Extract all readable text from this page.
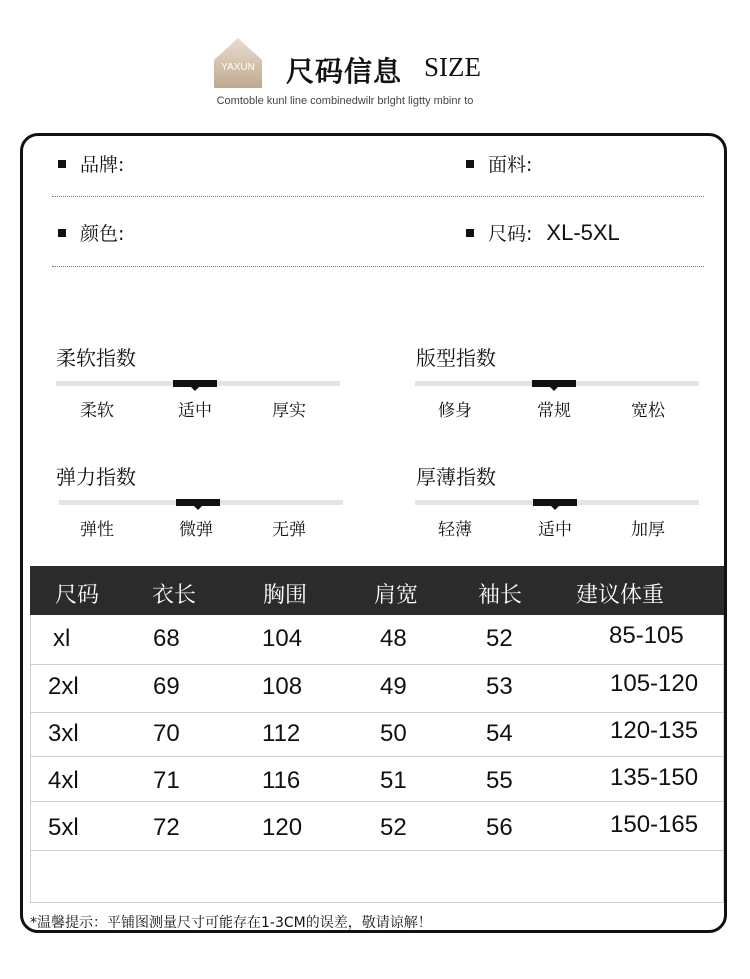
YAXUN 尺码信息 SIZE
Comtoble kunl line combinedwilr brlght ligtty mbinr to
品牌:	面料:
颜色:	尺码: XL-5XL
柔软指数
柔软	适中	厚实
版型指数
修身	常规	宽松
弹力指数
弹性	微弹	无弹
厚薄指数
轻薄	适中	加厚
尺码 衣长	胸围	肩宽	袖长 建议体重
xl	68	104	48	52	85-105
2xl	69	108	49	53	105-120
3xl	70	112	50	54	120-135
4xl	71	116	51	55	135-150
5xl	72	120	52	56	150-165
*温馨提示：平铺图测量尺寸可能存在1-3CM的误差，敬请谅解！
